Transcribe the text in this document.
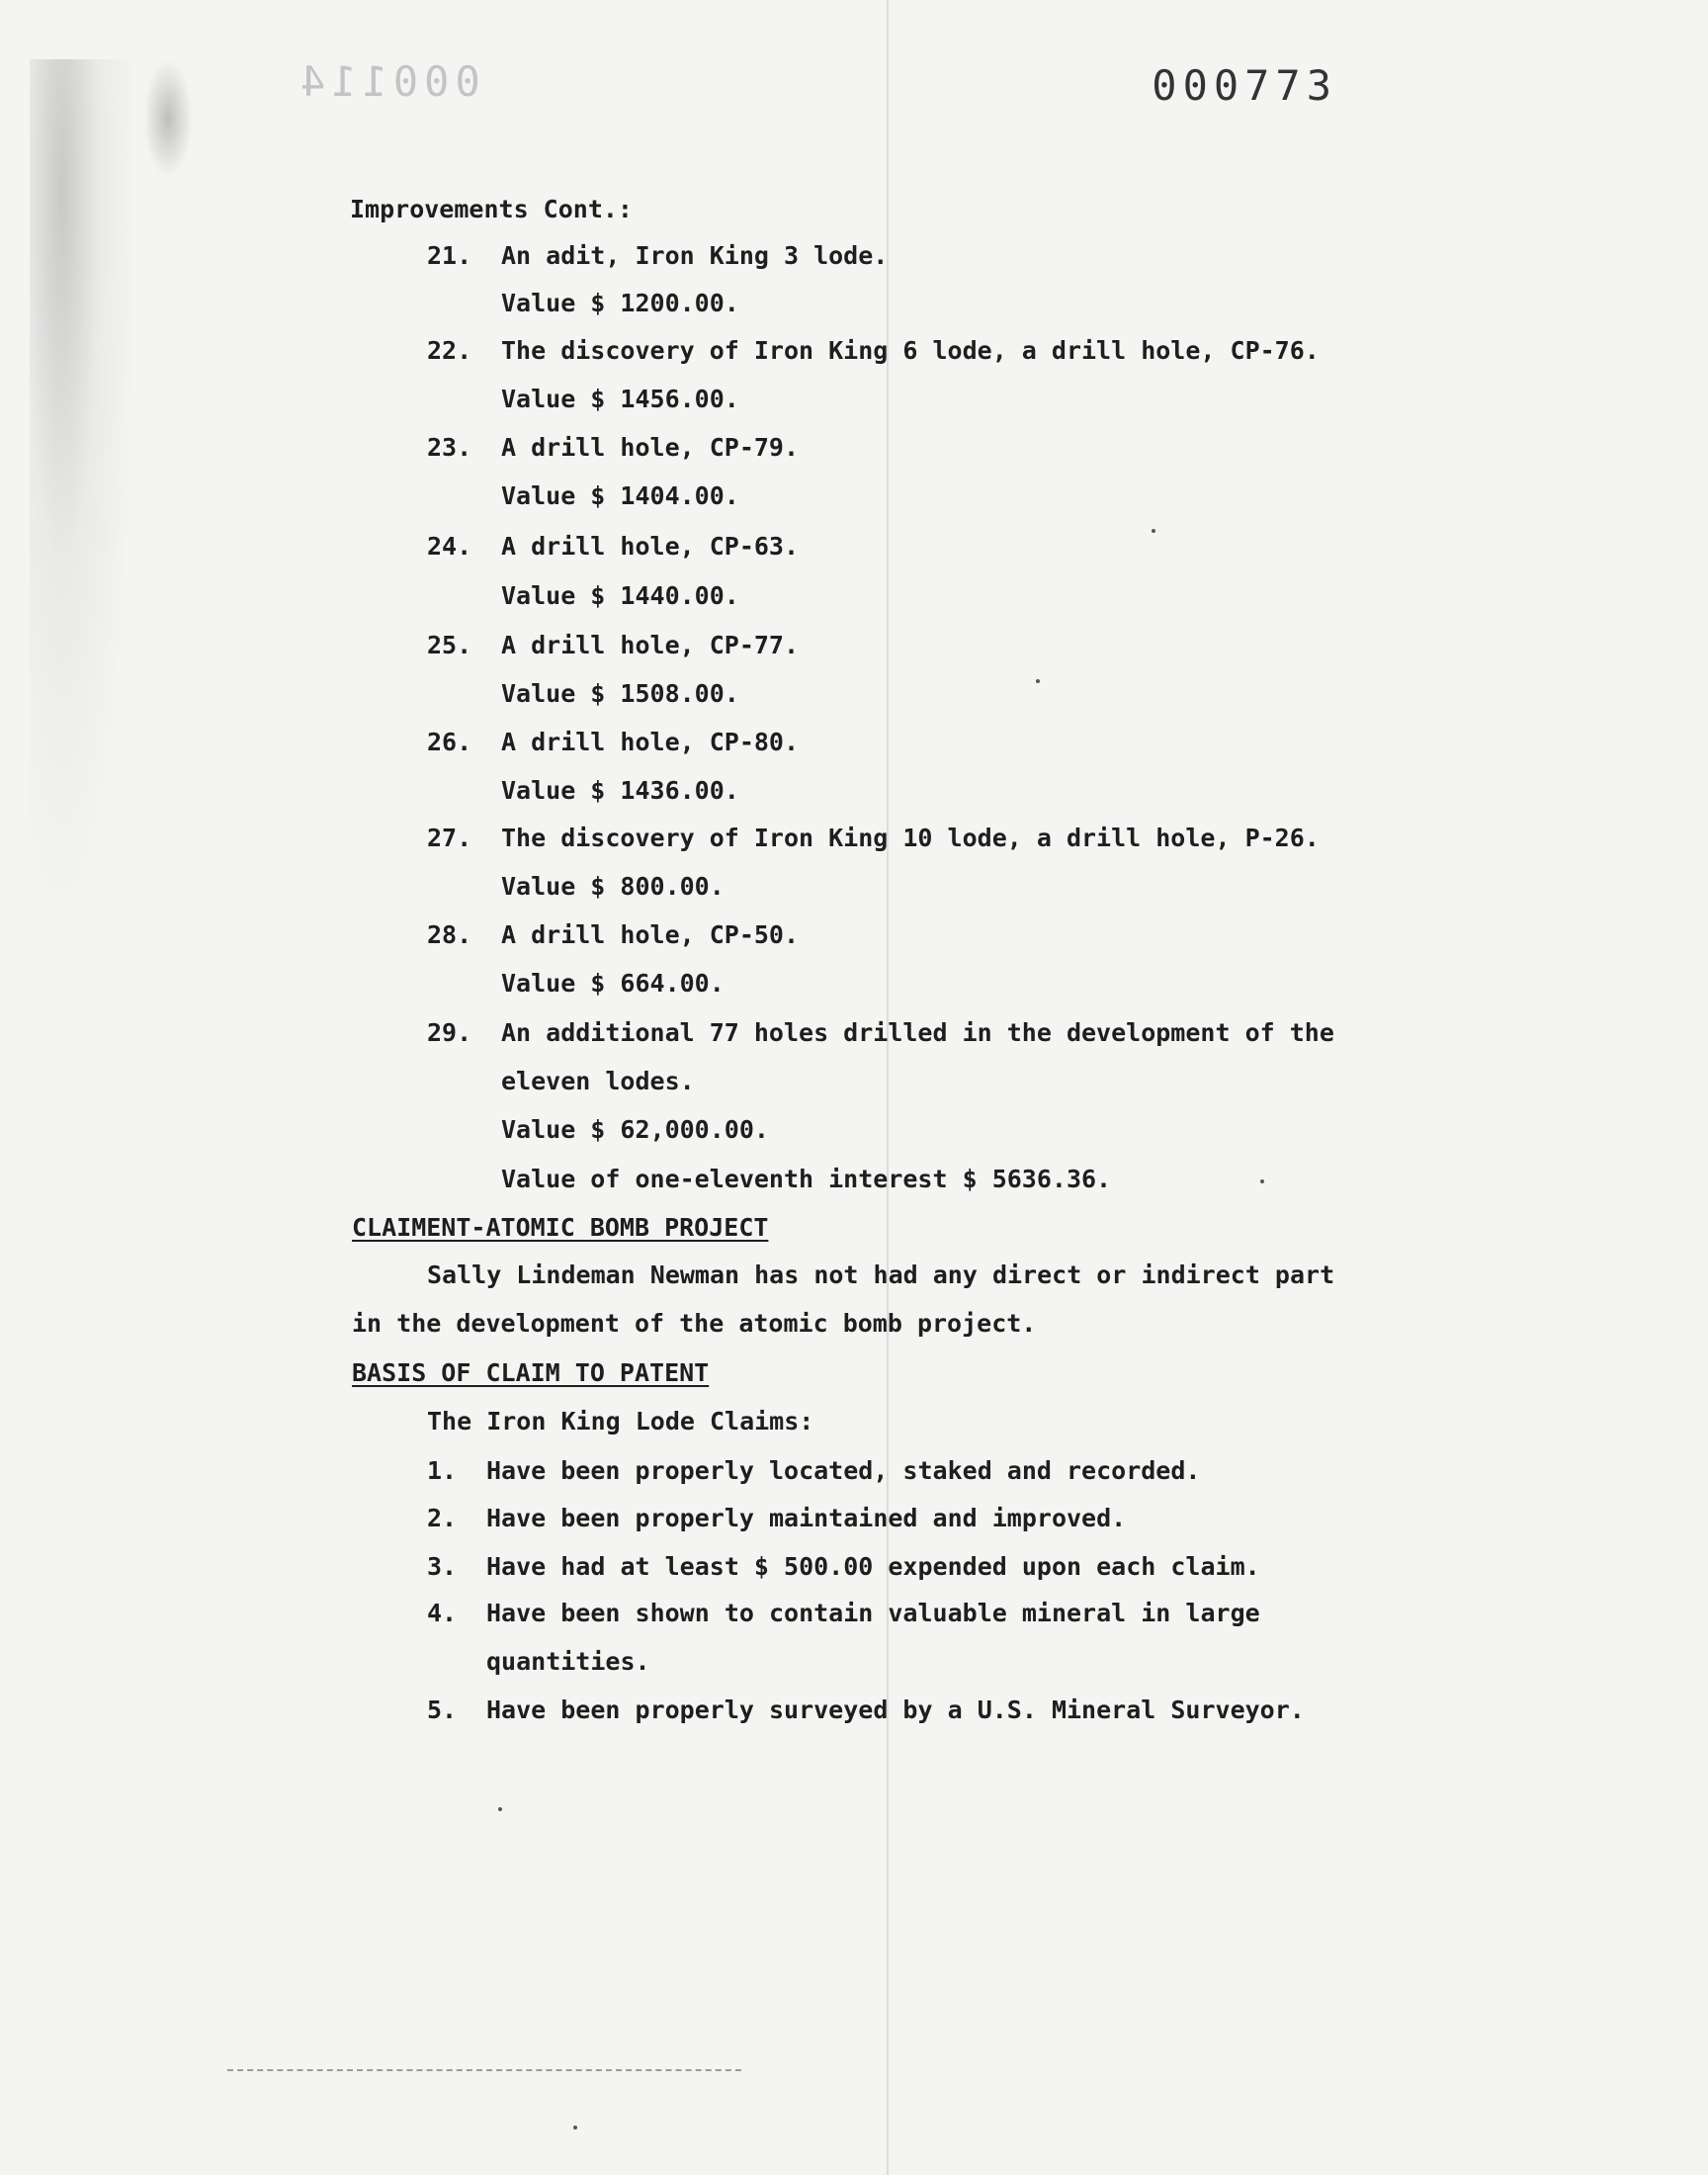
000114	000773
Improvements Cont.:
21. An adit, Iron King 3 lode.
Value $ 1200.00.
22. The discovery of Iron King 6 lode, a drill hole, CP-76.
Value $ 1456.00.
23. A drill hole, CP-79.
Value $ 1404.00.
24. A drill hole, CP-63.
Value $ 1440.00.
25. A drill hole, CP-77.
Value $ 1508.00.
26. A drill hole, CP-80.
Value $ 1436.00.
27. The discovery of Iron King 10 lode, a drill hole, P-26.
Value $ 800.00.
28. A drill hole, CP-50.
Value $ 664.00.
29. An additional 77 holes drilled in the development of the
eleven lodes.
Value $ 62,000.00.
Value of one-eleventh interest $ 5636.36.
CLAIMENT-ATOMIC BOMB PROJECT
Sally Lindeman Newman has not had any direct or indirect part
in the development of the atomic bomb project.
BASIS OF CLAIM TO PATENT
The Iron King Lode Claims:
1. Have been properly located, staked and recorded.
2. Have been properly maintained and improved.
3. Have had at least $ 500.00 expended upon each claim.
4. Have been shown to contain valuable mineral in large
quantities.
5. Have been properly surveyed by a U.S. Mineral Surveyor.
